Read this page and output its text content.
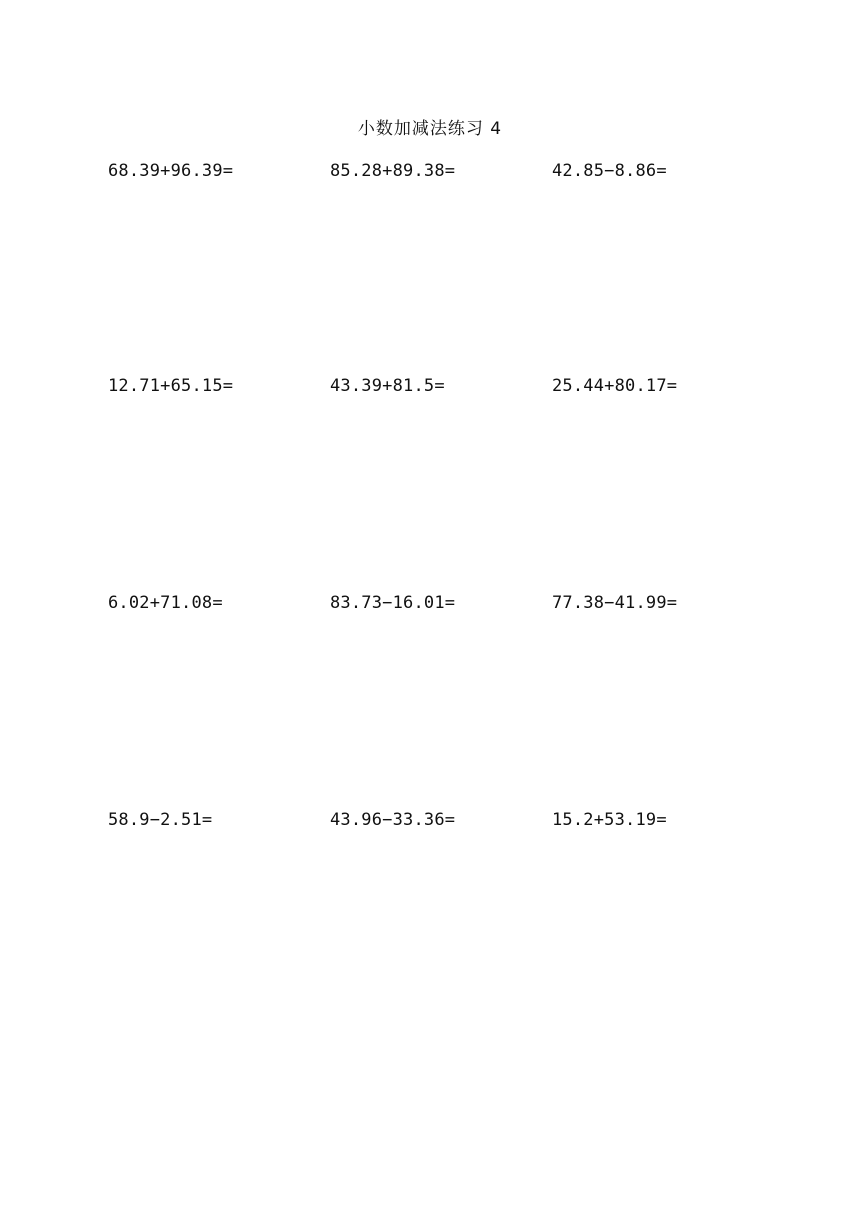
小数加减法练习 4
68.39+96.39=	85.28+89.38=	42.85−8.86=
12.71+65.15=	43.39+81.5=	25.44+80.17=
6.02+71.08=	83.73−16.01=	77.38−41.99=
58.9−2.51=	43.96−33.36=	15.2+53.19=
